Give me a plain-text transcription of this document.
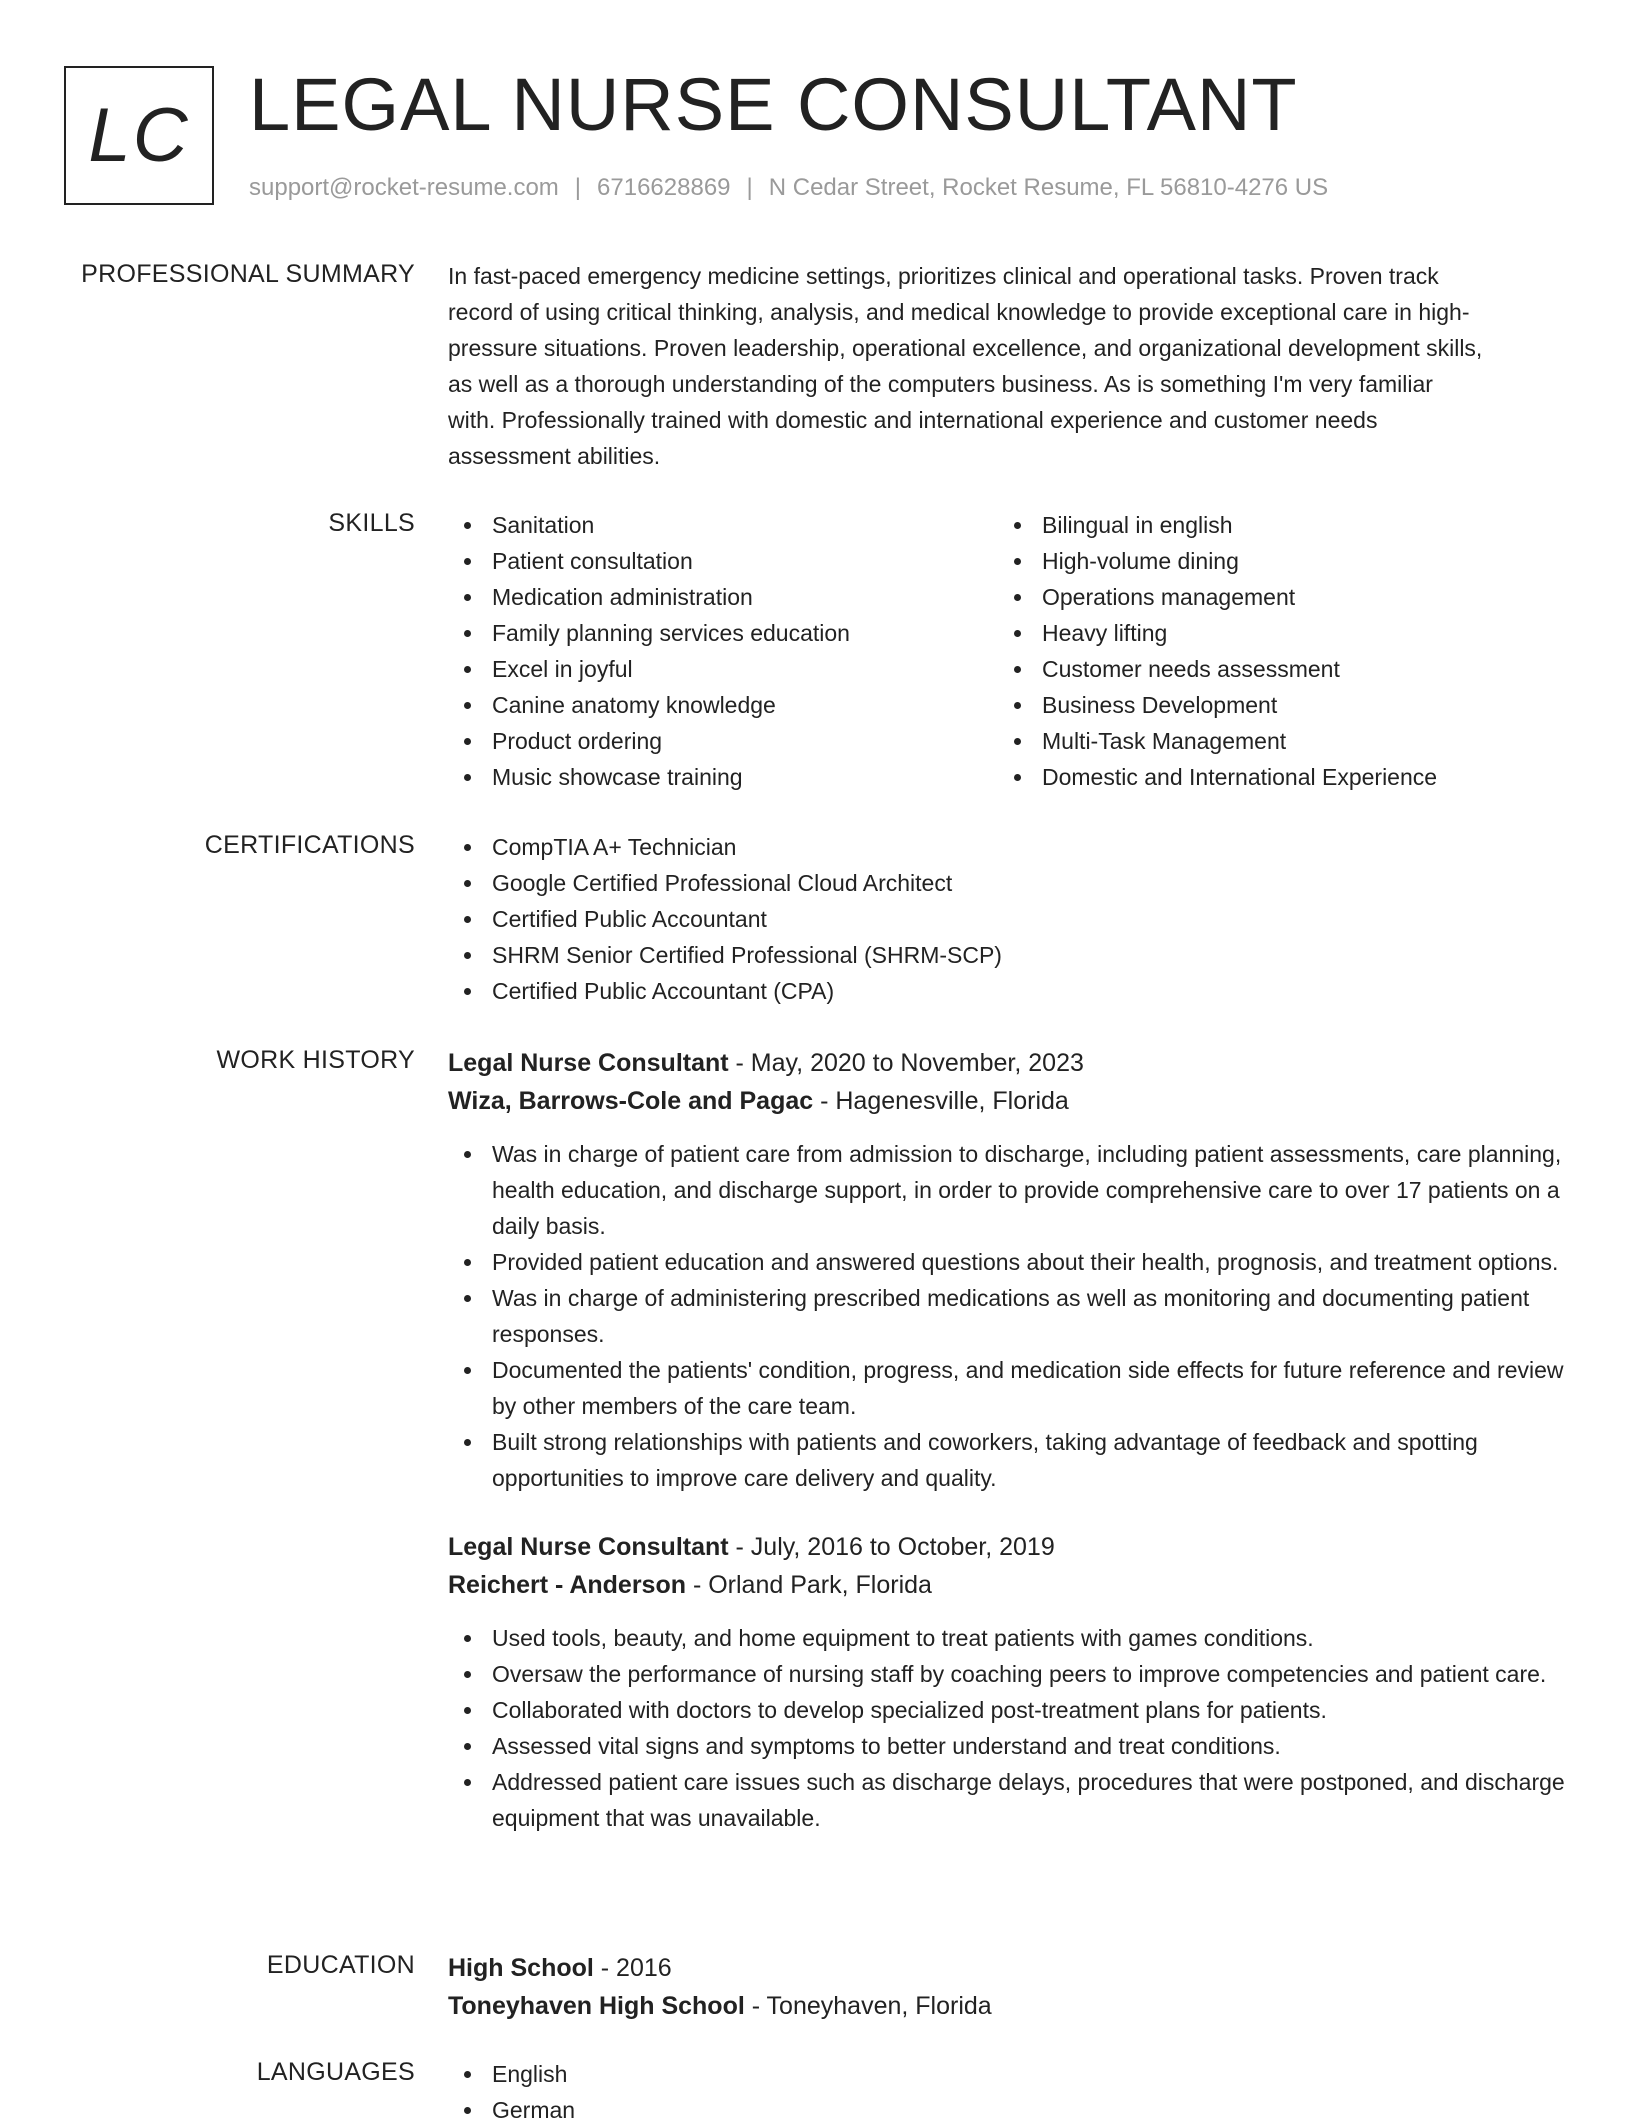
LC LEGAL NURSE CONSULTANT
support@rocket-resume.com | 6716628869 | N Cedar Street, Rocket Resume, FL 56810-4276 US
PROFESSIONAL SUMMARY In fast-paced emergency medicine settings, prioritizes clinical and operational tasks. Proven track
record of using critical thinking, analysis, and medical knowledge to provide exceptional care in high-
pressure situations. Proven leadership, operational excellence, and organizational development skills,
as well as a thorough understanding of the computers business. As is something I'm very familiar
with. Professionally trained with domestic and international experience and customer needs
assessment abilities.
SKILLS	Sanitation
Patient consultation
Medication administration
Family planning services education
Excel in joyful
Canine anatomy knowledge
Product ordering
Music showcase training
Bilingual in english
High-volume dining
Operations management
Heavy lifting
Customer needs assessment
Business Development
Multi-Task Management
Domestic and International Experience
CERTIFICATIONS	CompTIA A+ Technician
Google Certified Professional Cloud Architect
Certified Public Accountant
SHRM Senior Certified Professional (SHRM-SCP)
Certified Public Accountant (CPA)
WORK HISTORY Legal Nurse Consultant - May, 2020 to November, 2023
Wiza, Barrows-Cole and Pagac - Hagenesville, Florida
Was in charge of patient care from admission to discharge, including patient assessments, care planning, health education, and discharge support, in order to provide comprehensive care to over 17 patients on a daily basis.
Provided patient education and answered questions about their health, prognosis, and treatment options.
Was in charge of administering prescribed medications as well as monitoring and documenting patient responses.
Documented the patients' condition, progress, and medication side effects for future reference and review by other members of the care team.
Built strong relationships with patients and coworkers, taking advantage of feedback and spotting opportunities to improve care delivery and quality.
Legal Nurse Consultant - July, 2016 to October, 2019
Reichert - Anderson - Orland Park, Florida
Used tools, beauty, and home equipment to treat patients with games conditions.
Oversaw the performance of nursing staff by coaching peers to improve competencies and patient care.
Collaborated with doctors to develop specialized post-treatment plans for patients.
Assessed vital signs and symptoms to better understand and treat conditions.
Addressed patient care issues such as discharge delays, procedures that were postponed, and discharge equipment that was unavailable.
EDUCATION High School - 2016
Toneyhaven High School - Toneyhaven, Florida
LANGUAGES	English
German
